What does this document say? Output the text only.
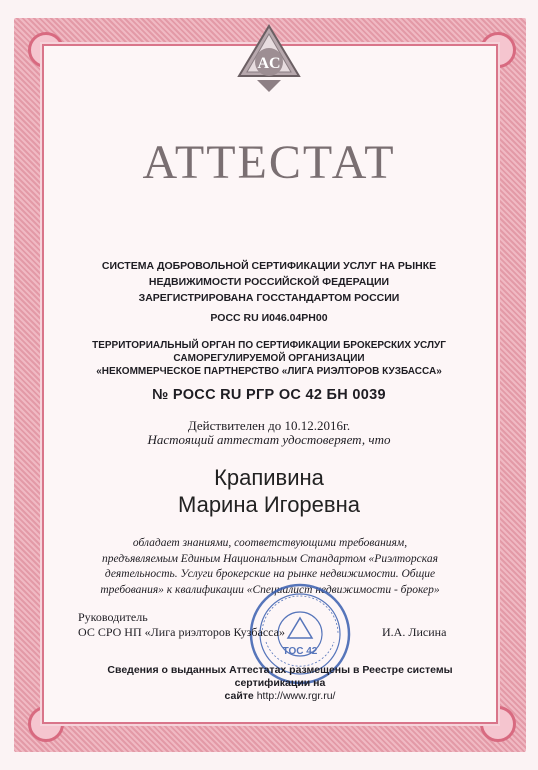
AC
АТТЕСТАТ
СИСТЕМА ДОБРОВОЛЬНОЙ СЕРТИФИКАЦИИ УСЛУГ НА РЫНКЕ
НЕДВИЖИМОСТИ РОССИЙСКОЙ ФЕДЕРАЦИИ
ЗАРЕГИСТРИРОВАНА ГОССТАНДАРТОМ РОССИИ
РОСС RU И046.04РН00
ТЕРРИТОРИАЛЬНЫЙ ОРГАН ПО СЕРТИФИКАЦИИ БРОКЕРСКИХ УСЛУГ
САМОРЕГУЛИРУЕМОЙ ОРГАНИЗАЦИИ
«НЕКОММЕРЧЕСКОЕ ПАРТНЕРСТВО «ЛИГА РИЭЛТОРОВ КУЗБАССА»
№ РОСС RU РГР ОС 42 БН 0039
Действителен до 10.12.2016г.
Настоящий аттестат удостоверяет, что
Крапивина
Марина Игоревна
обладает знаниями, соответствующими требованиям,
предъявляемым Единым Национальным Стандартом «Риэлторская
деятельность. Услуги брокерские на рынке недвижимости. Общие
требования» к квалификации «Специалист недвижимости - брокер»
ТОС 42
Руководитель
ОС СРО НП «Лига риэлторов Кузбасса»	И.А. Лисина
Сведения о выданных Аттестатах размещены в Реестре системы сертификации на
сайте http://www.rgr.ru/
